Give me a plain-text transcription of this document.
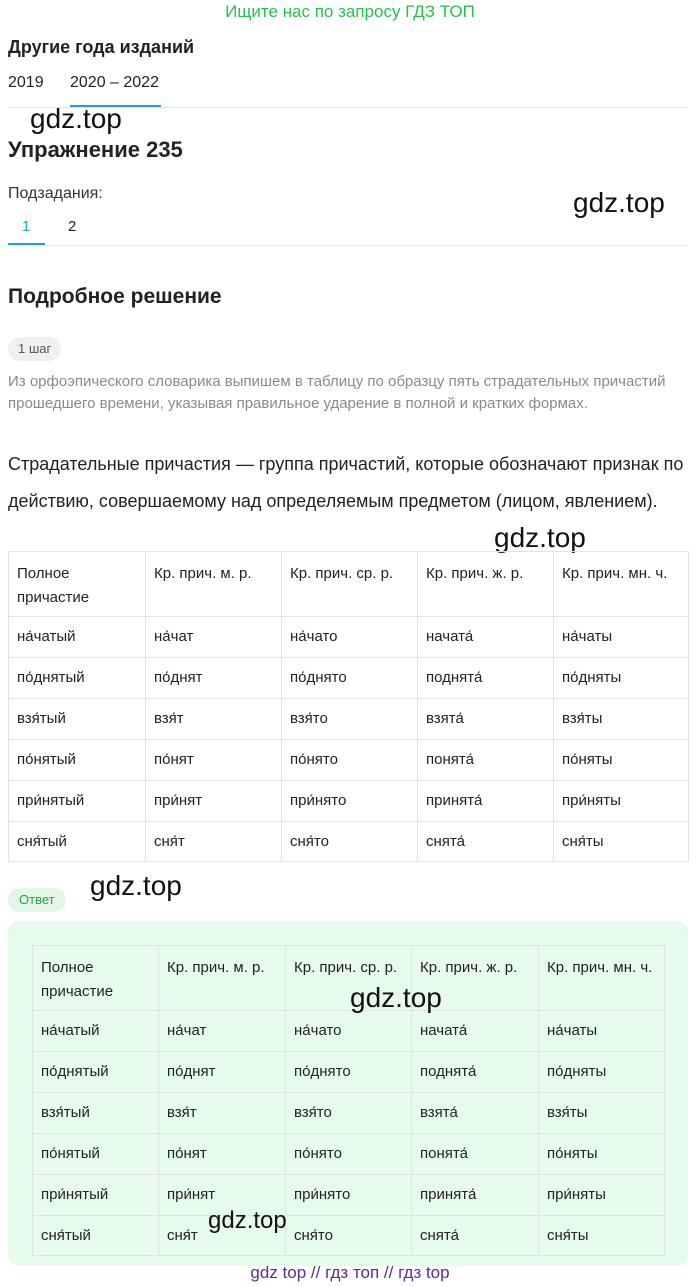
Ищите нас по запросу ГДЗ ТОП
Другие года изданий
2019 2020 – 2022
gdz.top
Упражнение 235
Подзадания:	gdz.top
1	2
Подробное решение
1 шаг
Из орфоэпического словарика выпишем в таблицу по образцу пять страдательных причастий прошедшего времени, указывая правильное ударение в полной и кратких формах.
Страдательные причастия — группа причастий, которые обозначают признак по действию, совершаемому над определяемым предметом (лицом, явлением).
gdz.top
Полное причастие	Кр. прич. м. р.	Кр. прич. ср. р.	Кр. прич. ж. р.	Кр. прич. мн. ч.
на́чатый	на́чат	на́чато	начата́	на́чаты
по́днятый	по́днят	по́днято	поднята́	по́дняты
взя́тый	взя́т	взя́то	взята́	взя́ты
по́нятый	по́нят	по́нято	понята́	по́няты
при́нятый	при́нят	при́нято	принята́	при́няты
сня́тый	сня́т	сня́то	снята́	сня́ты
Ответ	gdz.top
Полное причастие	Кр. прич. м. р.	Кр. прич. ср. р.	Кр. прич. ж. р.	Кр. прич. мн. ч.
на́чатый	на́чат	на́чато	начата́	на́чаты
по́днятый	по́днят	по́днято	поднята́	по́дняты
взя́тый	взя́т	взя́то	взята́	взя́ты
по́нятый	по́нят	по́нято	понята́	по́няты
при́нятый	при́нят	при́нято	принята́	при́няты
сня́тый	сня́т	сня́то	снята́	сня́ты
gdz.top
gdz.top
gdz top // гдз топ // гдз top
